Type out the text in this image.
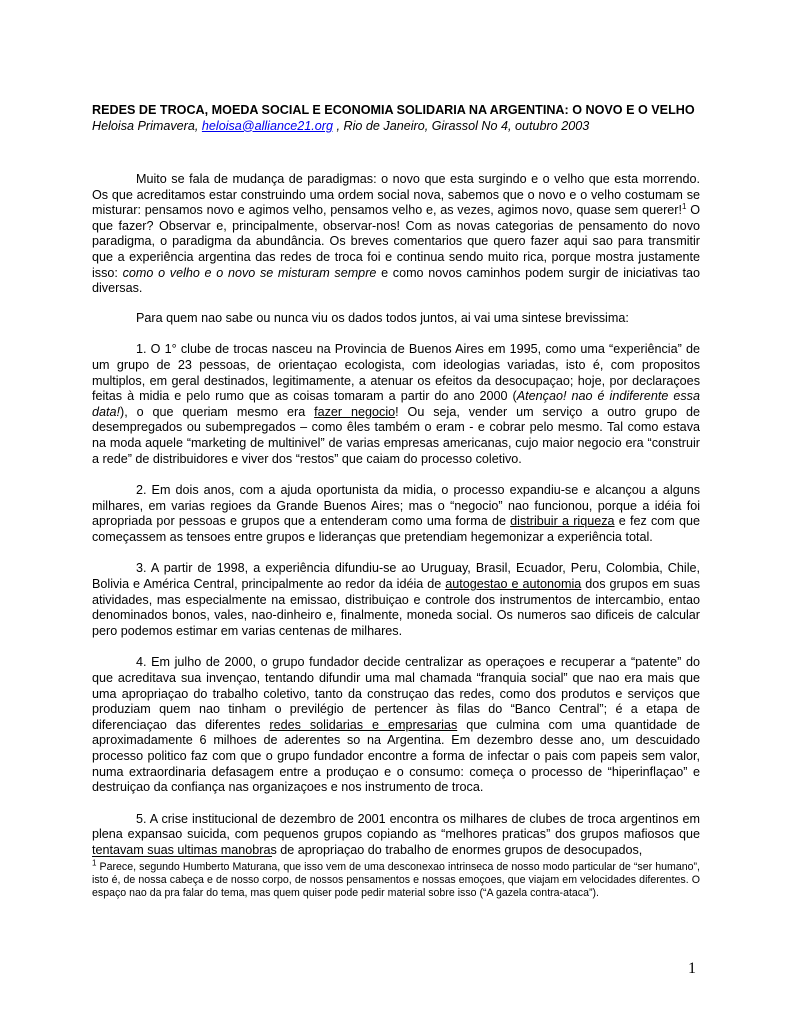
REDES DE TROCA, MOEDA SOCIAL E ECONOMIA SOLIDARIA NA ARGENTINA: O NOVO E O VELHO

Heloisa Primavera, heloisa@alliance21.org , Rio de Janeiro, Girassol No 4, outubro 2003

Muito se fala de mudança de paradigmas: o novo que esta surgindo e o velho que esta morrendo. Os que acreditamos estar construindo uma ordem social nova, sabemos que o novo e o velho costumam se misturar: pensamos novo e agimos velho, pensamos velho e, as vezes, agimos novo, quase sem querer!$^1$ O que fazer? Observar e, principalmente, observar-nos! Com as novas categorias de pensamento do novo paradigma, o paradigma da abundância. Os breves comentarios que quero fazer aqui sao para transmitir que a experiência argentina das redes de troca foi e continua sendo muito rica, porque mostra justamente isso: como o velho e o novo se misturam sempre e como novos caminhos podem surgir de iniciativas tao diversas.

Para quem nao sabe ou nunca viu os dados todos juntos, ai vai uma sintese brevissima:

1. O 1° clube de trocas nasceu na Provincia de Buenos Aires em 1995, como uma “experiência” de um grupo de 23 pessoas, de orientaçao ecologista, com ideologias variadas, isto é, com propositos multiplos, em geral destinados, legitimamente, a atenuar os efeitos da desocupaçao; hoje, por declaraçoes feitas à midia e pelo rumo que as coisas tomaram a partir do ano 2000 (Atençao! nao é indiferente essa data!), o que queriam mesmo era fazer negocio! Ou seja, vender um serviço a outro grupo de desempregados ou subempregados – como êles também o eram - e cobrar pelo mesmo. Tal como estava na moda aquele “marketing de multinivel” de varias empresas americanas, cujo maior negocio era “construir a rede” de distribuidores e viver dos “restos” que caiam do processo coletivo.

2. Em dois anos, com a ajuda oportunista da midia, o processo expandiu-se e alcançou a alguns milhares, em varias regioes da Grande Buenos Aires; mas o “negocio” nao funcionou, porque a idéia foi apropriada por pessoas e grupos que a entenderam como uma forma de distribuir a riqueza e fez com que começassem as tensoes entre grupos e lideranças que pretendiam hegemonizar a experiência total.

3. A partir de 1998, a experiência difundiu-se ao Uruguay, Brasil, Ecuador, Peru, Colombia, Chile, Bolivia e América Central, principalmente ao redor da idéia de autogestao e autonomia dos grupos em suas atividades, mas especialmente na emissao, distribuiçao e controle dos instrumentos de intercambio, entao denominados bonos, vales, nao-dinheiro e, finalmente, moneda social. Os numeros sao dificeis de calcular pero podemos estimar em varias centenas de milhares.

4. Em julho de 2000, o grupo fundador decide centralizar as operaçoes e recuperar a “patente” do que acreditava sua invençao, tentando difundir uma mal chamada “franquia social” que nao era mais que uma apropriaçao do trabalho coletivo, tanto da construçao das redes, como dos produtos e serviços que produziam quem nao tinham o previlégio de pertencer às filas do “Banco Central”; é a etapa de diferenciaçao das diferentes redes solidarias e empresarias que culmina com uma quantidade de aproximadamente 6 milhoes de aderentes so na Argentina. Em dezembro desse ano, um descuidado processo politico faz com que o grupo fundador encontre a forma de infectar o pais com papeis sem valor, numa extraordinaria defasagem entre a produçao e o consumo: começa o processo de “hiperinflaçao” e destruiçao da confiança nas organizaçoes e nos instrumento de troca.

5. A crise institucional de dezembro de 2001 encontra os milhares de clubes de troca argentinos em plena expansao suicida, com pequenos grupos copiando as “melhores praticas” dos grupos mafiosos que tentavam suas ultimas manobras de apropriaçao do trabalho de enormes grupos de desocupados,

$^1$ Parece, segundo Humberto Maturana, que isso vem de uma desconexao intrinseca de nosso modo particular de “ser humano”, isto é, de nossa cabeça e de nosso corpo, de nossos pensamentos e nossas emoçoes, que viajam em velocidades diferentes. O espaço nao da pra falar do tema, mas quem quiser pode pedir material sobre isso (“A gazela contra-ataca”).

1
